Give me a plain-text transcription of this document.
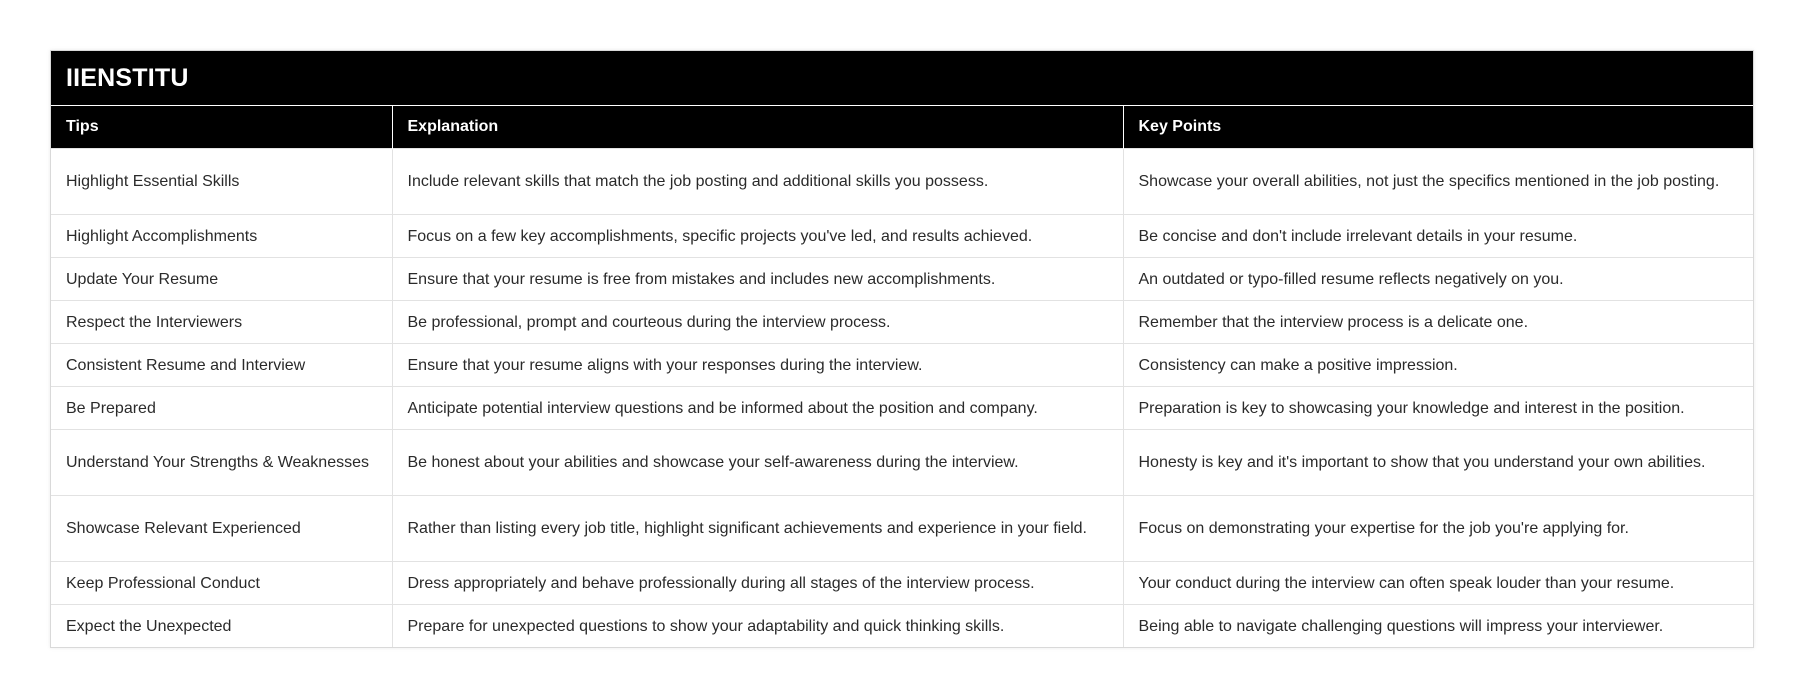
IIENSTITU
Tips	Explanation	Key Points
Highlight Essential Skills	Include relevant skills that match the job posting and additional skills you possess.	Showcase your overall abilities, not just the specifics mentioned in the job posting.
Highlight Accomplishments	Focus on a few key accomplishments, specific projects you've led, and results achieved.	Be concise and don't include irrelevant details in your resume.
Update Your Resume	Ensure that your resume is free from mistakes and includes new accomplishments.	An outdated or typo-filled resume reflects negatively on you.
Respect the Interviewers	Be professional, prompt and courteous during the interview process.	Remember that the interview process is a delicate one.
Consistent Resume and Interview	Ensure that your resume aligns with your responses during the interview.	Consistency can make a positive impression.
Be Prepared	Anticipate potential interview questions and be informed about the position and company.	Preparation is key to showcasing your knowledge and interest in the position.
Understand Your Strengths & Weaknesses	Be honest about your abilities and showcase your self-awareness during the interview.	Honesty is key and it's important to show that you understand your own abilities.
Showcase Relevant Experienced	Rather than listing every job title, highlight significant achievements and experience in your field.	Focus on demonstrating your expertise for the job you're applying for.
Keep Professional Conduct	Dress appropriately and behave professionally during all stages of the interview process.	Your conduct during the interview can often speak louder than your resume.
Expect the Unexpected	Prepare for unexpected questions to show your adaptability and quick thinking skills.	Being able to navigate challenging questions will impress your interviewer.
